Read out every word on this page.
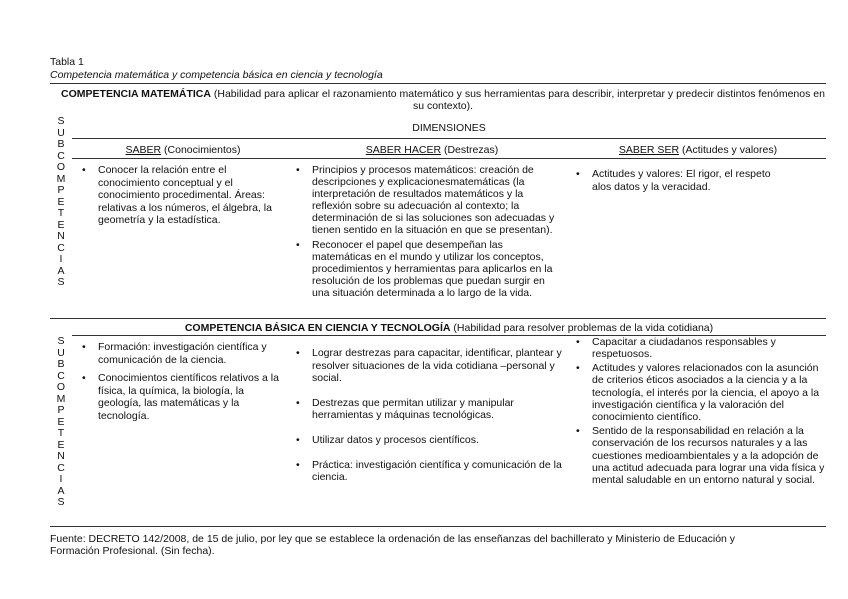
Tabla 1
Competencia matemática y competencia básica en ciencia y tecnología
COMPETENCIA MATEMÁTICA (Habilidad para aplicar el razonamiento matemático y sus herramientas para describir, interpretar y predecir distintos fenómenos en su contexto).
S
U
B
C
O
M
P
E
T
E
N
C
I
A
S
S
U
B
C
O
M
P
E
T
E
N
C
I
A
S
DIMENSIONES
SABER (Conocimientos)	SABER HACER (Destrezas)	SABER SER (Actitudes y valores)
• Conocer la relación entre el conocimiento conceptual y el conocimiento procedimental. Áreas: relativas a los números, el álgebra, la geometría y la estadística.
• Principios y procesos matemáticos: creación de descripciones y explicacionesmatemáticas (la interpretación de resultados matemáticos y la reflexión sobre su adecuación al contexto; la determinación de si las soluciones son adecuadas y tienen sentido en la situación en que se presentan).
• Reconocer el papel que desempeñan las matemáticas en el mundo y utilizar los conceptos, procedimientos y herramientas para aplicarlos en la resolución de los problemas que puedan surgir en una situación determinada a lo largo de la vida.
• Actitudes y valores: El rigor, el respeto alos datos y la veracidad.
COMPETENCIA BÁSICA EN CIENCIA Y TECNOLOGÍA (Habilidad para resolver problemas de la vida cotidiana)
• Formación: investigación científica y comunicación de la ciencia.
• Conocimientos científicos relativos a la física, la química, la biología, la geología, las matemáticas y la tecnología.
• Lograr destrezas para capacitar, identificar, plantear y resolver situaciones de la vida cotidiana –personal y social.
• Destrezas que permitan utilizar y manipular herramientas y máquinas tecnológicas.
• Utilizar datos y procesos científicos.
• Práctica: investigación científica y comunicación de la ciencia.
• Capacitar a ciudadanos responsables y respetuosos.
• Actitudes y valores relacionados con la asunción de criterios éticos asociados a la ciencia y a la tecnología, el interés por la ciencia, el apoyo a la investigación científica y la valoración del conocimiento científico.
• Sentido de la responsabilidad en relación a la conservación de los recursos naturales y a las cuestiones medioambientales y a la adopción de una actitud adecuada para lograr una vida física y mental saludable en un entorno natural y social.
Fuente: DECRETO 142/2008, de 15 de julio, por ley que se establece la ordenación de las enseñanzas del bachillerato y Ministerio de Educación y Formación Profesional. (Sin fecha).
